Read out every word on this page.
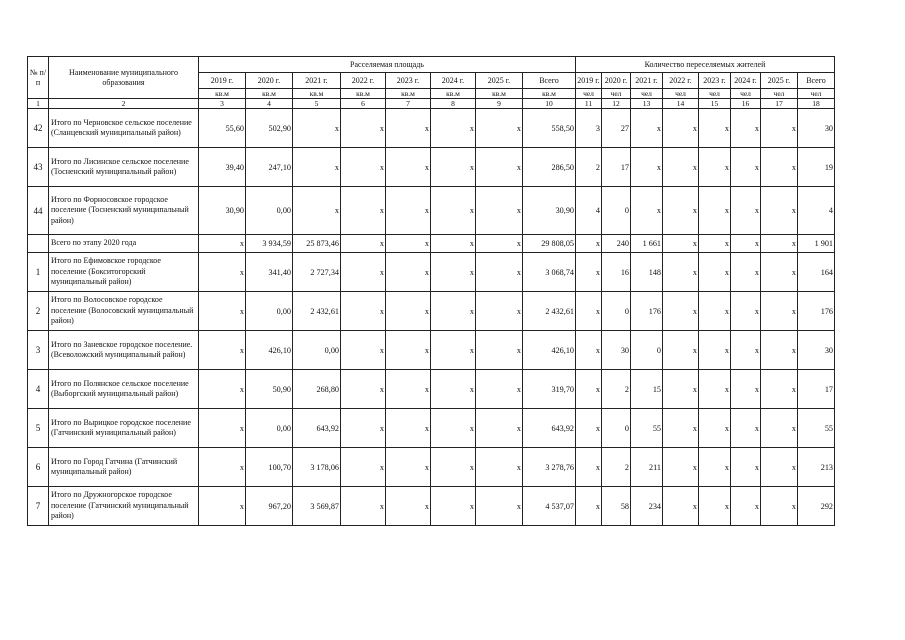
№ п/п	Наименование муниципального образования	Расселяемая площадь								Количество переселяемых жителей							
		2019 г.	2020 г.	2021 г.	2022 г.	2023 г.	2024 г.	2025 г.	Всего	2019 г.	2020 г.	2021 г.	2022 г.	2023 г.	2024 г.	2025 г.	Всего
		кв.м	кв.м	кв.м	кв.м	кв.м	кв.м	кв.м	кв.м	чел	чел	чел	чел	чел	чел	чел	чел
1	2	3	4	5	6	7	8	9	10	11	12	13	14	15	16	17	18
42	Итого по Черновское сельское поселение (Сланцевский муниципальный район)	55,60	502,90	x	x	x	x	x	558,50	3	27	x	x	x	x	x	30
43	Итого по Лисинское сельское поселение (Тосненский муниципальный район)	39,40	247,10	x	x	x	x	x	286,50	2	17	x	x	x	x	x	19
44	Итого по Форносовское городское поселение (Тосненский муниципальный район)	30,90	0,00	x	x	x	x	x	30,90	4	0	x	x	x	x	x	4
	Всего по этапу 2020 года	x	3 934,59	25 873,46	x	x	x	x	29 808,05	x	240	1 661	x	x	x	x	1 901
1	Итого по Ефимовское городское поселение (Бокситогорский муниципальный район)	x	341,40	2 727,34	x	x	x	x	3 068,74	x	16	148	x	x	x	x	164
2	Итого по Волосовское городское поселение (Волосовский муниципальный район)	x	0,00	2 432,61	x	x	x	x	2 432,61	x	0	176	x	x	x	x	176
3	Итого по Заневское городское поселение. (Всеволожский муниципальный район)	x	426,10	0,00	x	x	x	x	426,10	x	30	0	x	x	x	x	30
4	Итого по Полянское сельское поселение (Выборгский муниципальный район)	x	50,90	268,80	x	x	x	x	319,70	x	2	15	x	x	x	x	17
5	Итого по Вырицкое городское поселение (Гатчинский муниципальный район)	x	0,00	643,92	x	x	x	x	643,92	x	0	55	x	x	x	x	55
6	Итого по Город Гатчина (Гатчинский муниципальный район)	x	100,70	3 178,06	x	x	x	x	3 278,76	x	2	211	x	x	x	x	213
7	Итого по Дружногорское городское поселение (Гатчинский муниципальный район)	x	967,20	3 569,87	x	x	x	x	4 537,07	x	58	234	x	x	x	x	292
